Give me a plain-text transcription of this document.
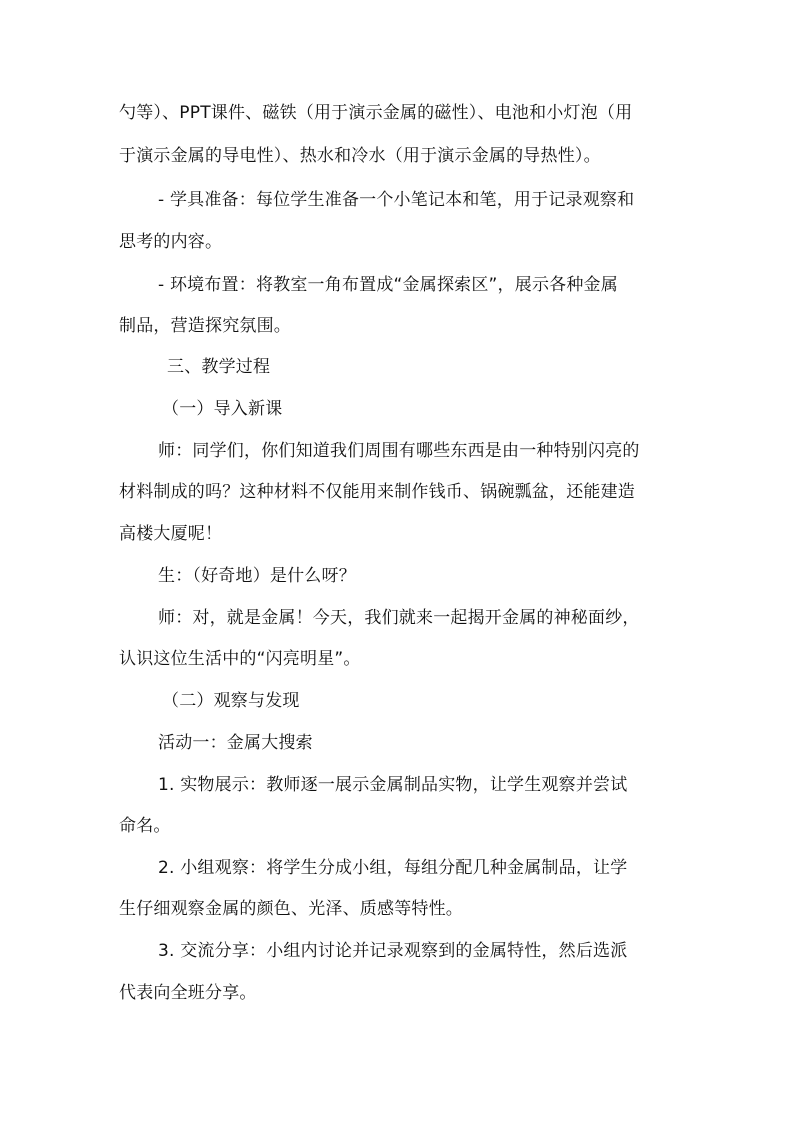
勺等）、PPT课件、磁铁（用于演示金属的磁性）、电池和小灯泡（用
于演示金属的导电性）、热水和冷水（用于演示金属的导热性）。
- 学具准备：每位学生准备一个小笔记本和笔，用于记录观察和
思考的内容。
- 环境布置：将教室一角布置成“金属探索区”，展示各种金属
制品，营造探究氛围。
三、教学过程
（一）导入新课
师：同学们，你们知道我们周围有哪些东西是由一种特别闪亮的
材料制成的吗？这种材料不仅能用来制作钱币、锅碗瓢盆，还能建造
高楼大厦呢！
生：（好奇地）是什么呀？
师：对，就是金属！今天，我们就来一起揭开金属的神秘面纱，
认识这位生活中的“闪亮明星”。
（二）观察与发现
活动一：金属大搜索
1. 实物展示：教师逐一展示金属制品实物，让学生观察并尝试
命名。
2. 小组观察：将学生分成小组，每组分配几种金属制品，让学
生仔细观察金属的颜色、光泽、质感等特性。
3. 交流分享：小组内讨论并记录观察到的金属特性，然后选派
代表向全班分享。
